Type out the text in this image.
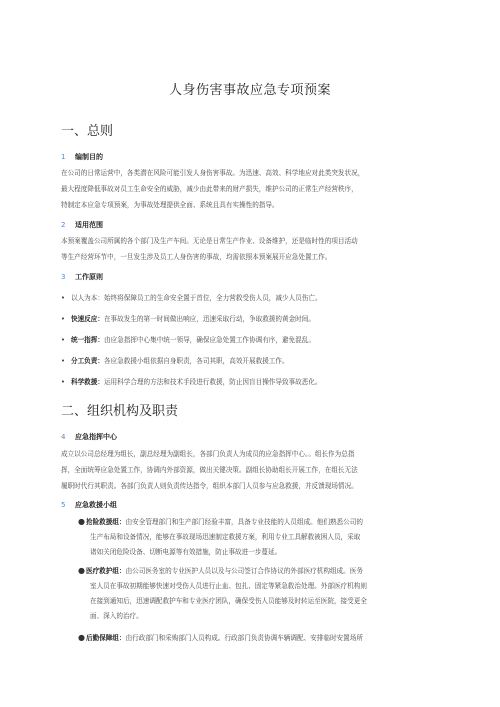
人身伤害事故应急专项预案
一、总则
1 编制目的
在公司的日常运营中，各类潜在风险可能引发人身伤害事故。为迅速、高效、科学地应对此类突发状况，
最大程度降低事故对员工生命安全的威胁，减少由此带来的财产损失，维护公司的正常生产经营秩序，
特制定本应急专项预案，为事故处理提供全面、系统且具有实操性的指导。
2 适用范围
本预案覆盖公司所属的各个部门及生产车间。无论是日常生产作业、设备维护，还是临时性的项目活动
等生产经营环节中，一旦发生涉及员工人身伤害的事故，均需依照本预案展开应急处置工作。
3 工作原则
• 以人为本：始终将保障员工的生命安全置于首位，全力营救受伤人员，减少人员伤亡。
• 快速反应：在事故发生的第一时间做出响应，迅速采取行动，争取救援的黄金时间。
• 统一指挥：由应急指挥中心集中统一领导，确保应急处置工作协调有序，避免混乱。
• 分工负责：各应急救援小组依据自身职责，各司其职，高效开展救援工作。
• 科学救援：运用科学合理的方法和技术手段进行救援，防止因盲目操作导致事故恶化。
二、组织机构及职责
4 应急指挥中心
成立以公司总经理为组长，副总经理为副组长，各部门负责人为成员的应急指挥中心。。组长作为总指
挥，全面统筹应急处置工作，协调内外部资源，做出关键决策。副组长协助组长开展工作，在组长无法
履职时代行其职责。各部门负责人则负责传达指令，组织本部门人员参与应急救援，并反馈现场情况。
5 应急救援小组
●抢险救援组：由安全管理部门和生产部门经验丰富，具备专业技能的人员组成。他们熟悉公司的
生产布局和设备情况，能够在事故现场迅速制定救援方案，利用专业工具解救被困人员，采取
诸如关闭危险设备、切断电源等有效措施，防止事故进一步蔓延。
●医疗救护组：由公司医务室的专业医护人员以及与公司签订合作协议的外部医疗机构组成。医务
室人员在事故初期能够快速对受伤人员进行止血、包扎、固定等紧急救治处理。外部医疗机构则
在接到通知后，迅速调配救护车和专业医疗团队，确保受伤人员能够及时转运至医院，接受更全
面、深入的治疗。
●后勤保障组：由行政部门和采购部门人员构成。行政部门负责协调车辆调配、安排临时安置场所
